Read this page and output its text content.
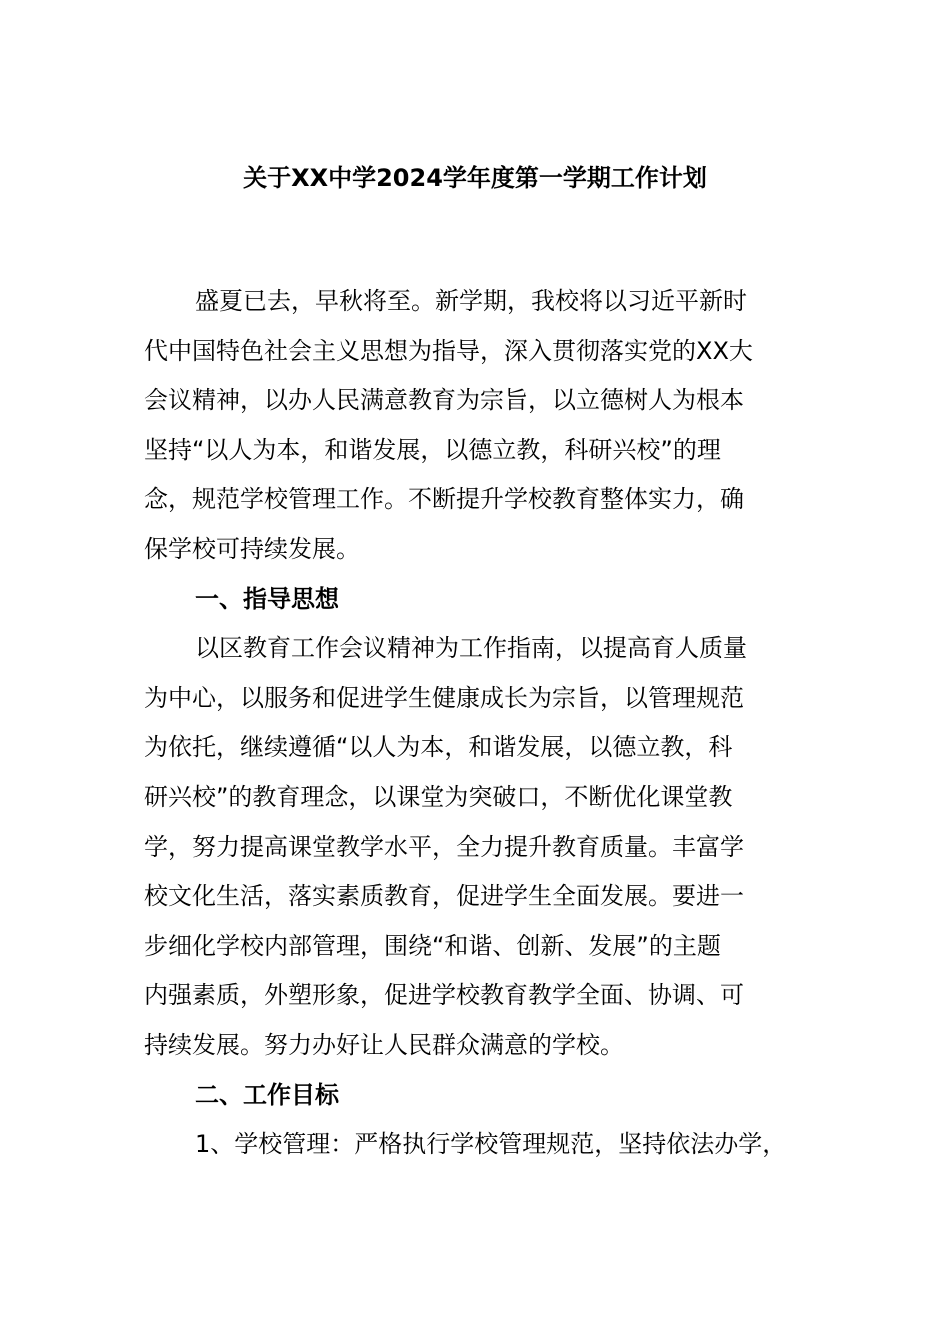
关于XX中学2024学年度第一学期工作计划
盛夏已去，早秋将至。新学期，我校将以习近平新时
代中国特色社会主义思想为指导，深入贯彻落实党的XX大
会议精神，以办人民满意教育为宗旨，以立德树人为根本
坚持“以人为本，和谐发展，以德立教，科研兴校”的理
念，规范学校管理工作。不断提升学校教育整体实力，确
保学校可持续发展。
一、指导思想
以区教育工作会议精神为工作指南，以提高育人质量
为中心，以服务和促进学生健康成长为宗旨，以管理规范
为依托，继续遵循“以人为本，和谐发展，以德立教，科
研兴校”的教育理念，以课堂为突破口，不断优化课堂教
学，努力提高课堂教学水平，全力提升教育质量。丰富学
校文化生活，落实素质教育，促进学生全面发展。要进一
步细化学校内部管理，围绕“和谐、创新、发展”的主题
内强素质，外塑形象，促进学校教育教学全面、协调、可
持续发展。努力办好让人民群众满意的学校。
二、工作目标
1、学校管理：严格执行学校管理规范，坚持依法办学，
